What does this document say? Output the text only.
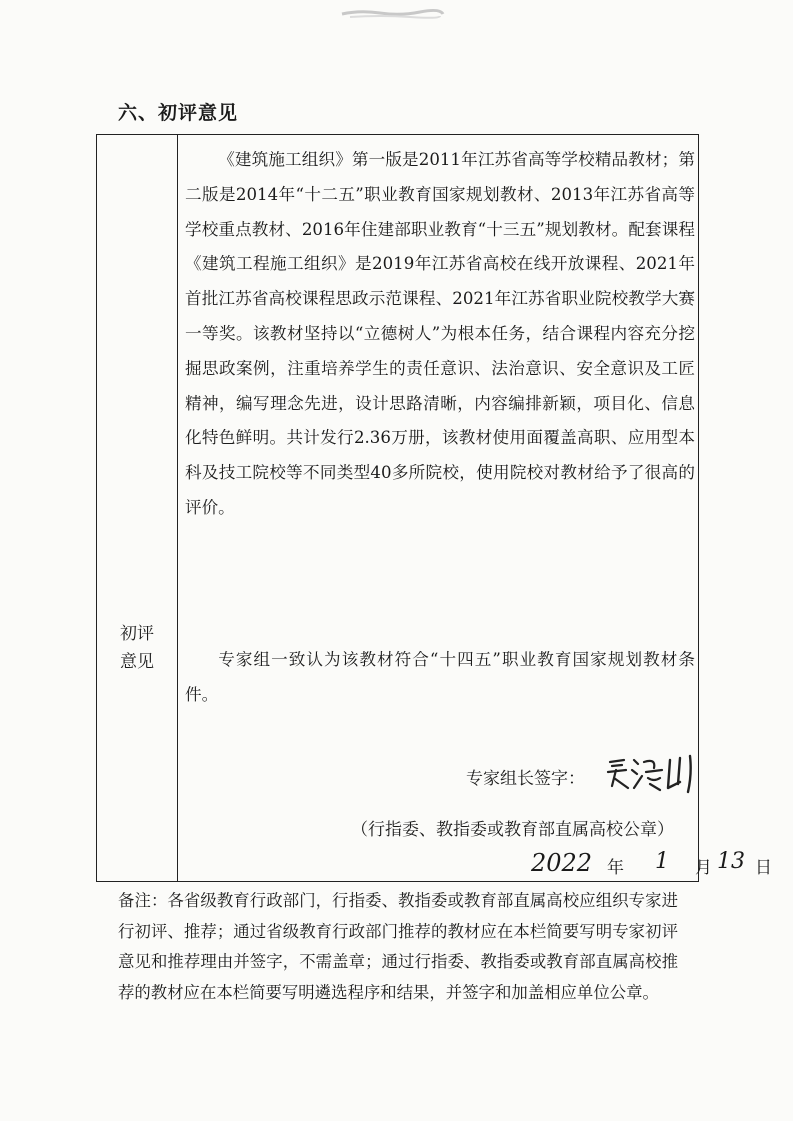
六、初评意见
初评
意见

《建筑施工组织》第一版是2011年江苏省高等学校精品教材；第二版是2014年“十二五”职业教育国家规划教材、2013年江苏省高等学校重点教材、2016年住建部职业教育“十三五”规划教材。配套课程《建筑工程施工组织》是2019年江苏省高校在线开放课程、2021年首批江苏省高校课程思政示范课程、2021年江苏省职业院校教学大赛一等奖。该教材坚持以“立德树人”为根本任务，结合课程内容充分挖掘思政案例，注重培养学生的责任意识、法治意识、安全意识及工匠精神，编写理念先进，设计思路清晰，内容编排新颖，项目化、信息化特色鲜明。共计发行2.36万册，该教材使用面覆盖高职、应用型本科及技工院校等不同类型40多所院校，使用院校对教材给予了很高的评价。

专家组一致认为该教材符合“十四五”职业教育国家规划教材条件。

专家组长签字：
（行指委、教指委或教育部直属高校公章）
2022 年 1 月 13 日

备注：各省级教育行政部门，行指委、教指委或教育部直属高校应组织专家进行初评、推荐；通过省级教育行政部门推荐的教材应在本栏简要写明专家初评意见和推荐理由并签字，不需盖章；通过行指委、教指委或教育部直属高校推荐的教材应在本栏简要写明遴选程序和结果，并签字和加盖相应单位公章。
